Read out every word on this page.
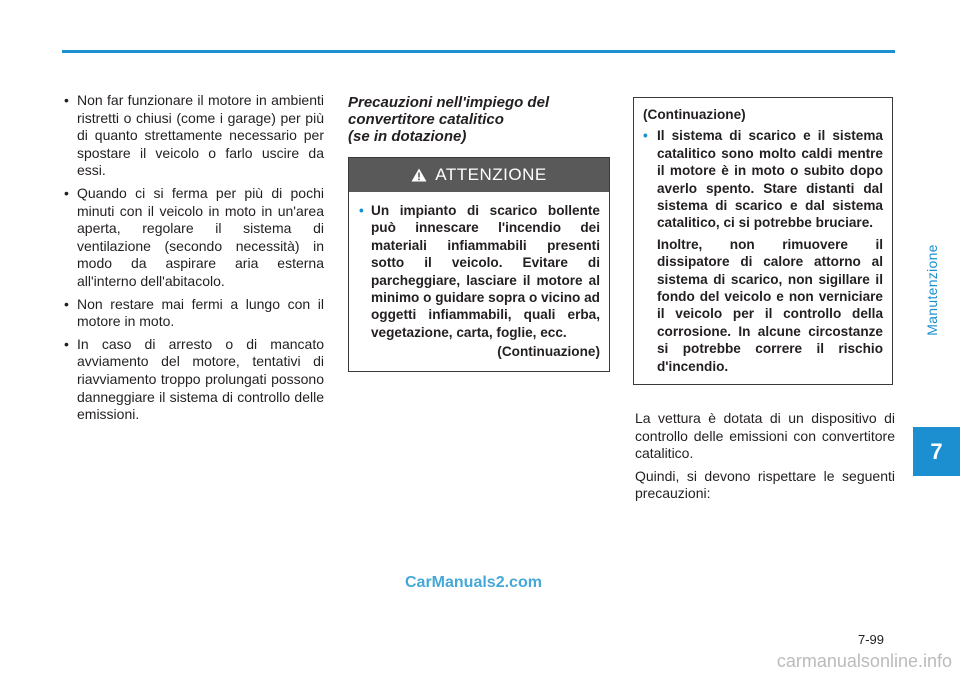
Manutenzione
7
• Non far funzionare il motore in ambienti ristretti o chiusi (come i garage) per più di quanto strettamente necessario per spostare il veicolo o farlo uscire da essi.
• Quando ci si ferma per più di pochi minuti con il veicolo in moto in un'area aperta, regolare il sistema di ventilazione (secondo necessità) in modo da aspirare aria esterna all'interno dell'abitacolo.
• Non restare mai fermi a lungo con il motore in moto.
• In caso di arresto o di mancato avviamento del motore, tentativi di riavviamento troppo prolungati possono danneggiare il sistema di controllo delle emissioni.
Precauzioni nell'impiego del
convertitore catalitico
(se in dotazione)
ATTENZIONE
• Un impianto di scarico bollente può innescare l'incendio dei materiali infiammabili presenti sotto il veicolo. Evitare di parcheggiare, lasciare il motore al minimo o guidare sopra o vicino ad oggetti infiammabili, quali erba, vegetazione, carta, foglie, ecc.
(Continuazione)
(Continuazione)
• Il sistema di scarico e il sistema catalitico sono molto caldi mentre il motore è in moto o subito dopo averlo spento. Stare distanti dal sistema di scarico e dal sistema catalitico, ci si potrebbe bruciare.
Inoltre, non rimuovere il dissipatore di calore attorno al sistema di scarico, non sigillare il fondo del veicolo e non verniciare il veicolo per il controllo della corrosione. In alcune circostanze si potrebbe correre il rischio d'incendio.

La vettura è dotata di un dispositivo di controllo delle emissioni con convertitore catalitico.

Quindi, si devono rispettare le seguenti precauzioni:

CarManuals2.com
7-99
carmanualsonline.info
